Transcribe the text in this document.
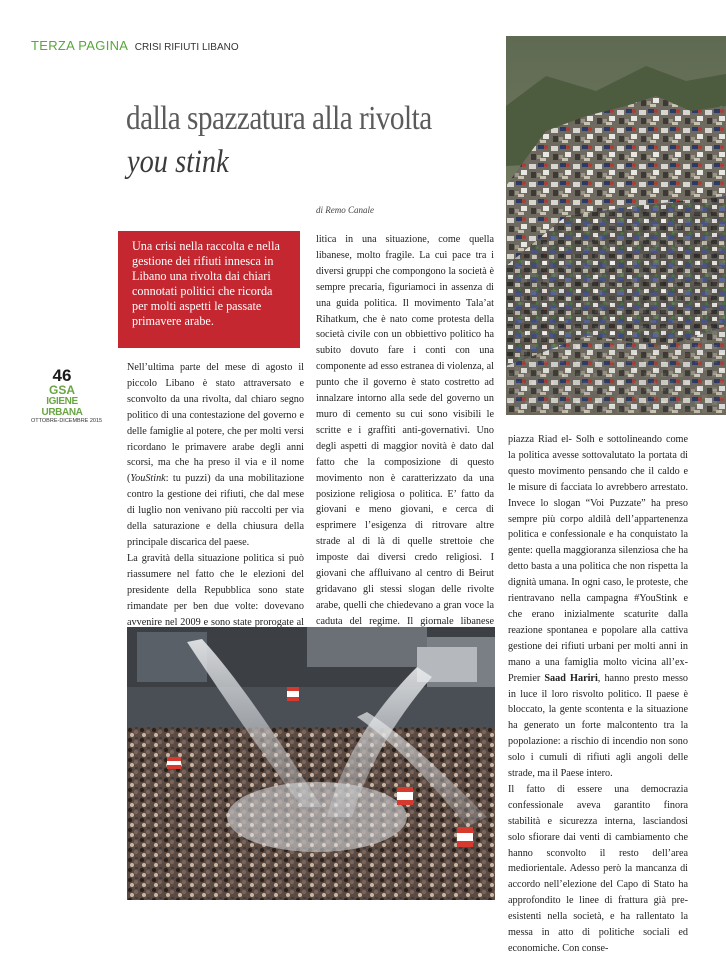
TERZA PAGINA CRISI RIFIUTI LIBANO
dalla spazzatura alla rivolta
you stink
di Remo Canale
Una crisi nella raccolta e nella gestione dei rifiuti innesca in Libano una rivolta dai chiari connotati politici che ricorda per molti aspetti le passate primavere arabe.
46
GSA
IGIENE URBANA
OTTOBRE-DICEMBRE 2015

Nell’ultima parte del mese di agosto il piccolo Libano è stato attraversato e sconvolto da una rivolta, dal chiaro segno politico di una contestazione del governo e delle famiglie al potere, che per molti versi ricordano le primavere arabe degli anni scorsi, ma che ha preso il via e il nome (YouStink: tu puzzi) da una mobilitazione contro la gestione dei rifiuti, che dal mese di luglio non venivano più raccolti per via della saturazione e della chiusura della principale discarica del paese.

La gravità della situazione politica si può riassumere nel fatto che le elezioni del presidente della Repubblica sono state rimandate per ben due volte: dovevano avvenire nel 2009 e sono state prorogate al

litica in una situazione, come quella libanese, molto fragile. La cui pace tra i diversi gruppi che compongono la società è sempre precaria, figuriamoci in assenza di una guida politica. Il movimento Tala’at Rihatkum, che è nato come protesta della società civile con un obbiettivo politico ha subito dovuto fare i conti con una componente ad esso estranea di violenza, al punto che il governo è stato costretto ad innalzare intorno alla sede del governo un muro di cemento su cui sono visibili le scritte e i graffiti anti-governativi. Uno degli aspetti di maggior novità è dato dal fatto che la composizione di questo movimento non è caratterizzato da una posizione religiosa o politica. E’ fatto da giovani e meno giovani, e cerca di esprimere l’esigenza di ritrovare altre strade al di là di quelle strettoie che imposte dai diversi credo religiosi. I giovani che affluivano al centro di Beirut gridavano gli stessi slogan delle rivolte arabe, quelli che chiedevano a gran voce la caduta del regime. Il giornale libanese

piazza Riad el- Solh e sottolineando come la politica avesse sottovalutato la portata di questo movimento pensando che il caldo e le misure di facciata lo avrebbero arrestato. Invece lo slogan “Voi Puzzate” ha preso sempre più corpo aldilà dell’appartenenza politica e confessionale e ha conquistato la gente: quella maggioranza silenziosa che ha detto basta a una politica che non rispetta la dignità umana. In ogni caso, le proteste, che rientravano nella campagna #YouStink e che erano inizialmente scaturite dalla reazione spontanea e popolare alla cattiva gestione dei rifiuti urbani per molti anni in mano a una famiglia molto vicina all’ex-Premier Saad Hariri, hanno presto messo in luce il loro risvolto politico. Il paese è bloccato, la gente scontenta e la situazione ha generato un forte malcontento tra la popolazione: a rischio di incendio non sono solo i cumuli di rifiuti agli angoli delle strade, ma il Paese intero.

Il fatto di essere una democrazia confessionale aveva garantito finora stabilità e sicurezza interna, lasciandosi solo sfiorare dai venti di cambiamento che hanno sconvolto il resto dell’area mediorientale. Adesso però la mancanza di accordo nell’elezione del Capo di Stato ha approfondito le linee di frattura già pre-esistenti nella società, e ha rallentato la messa in atto di politiche sociali ed economiche. Con conse-
